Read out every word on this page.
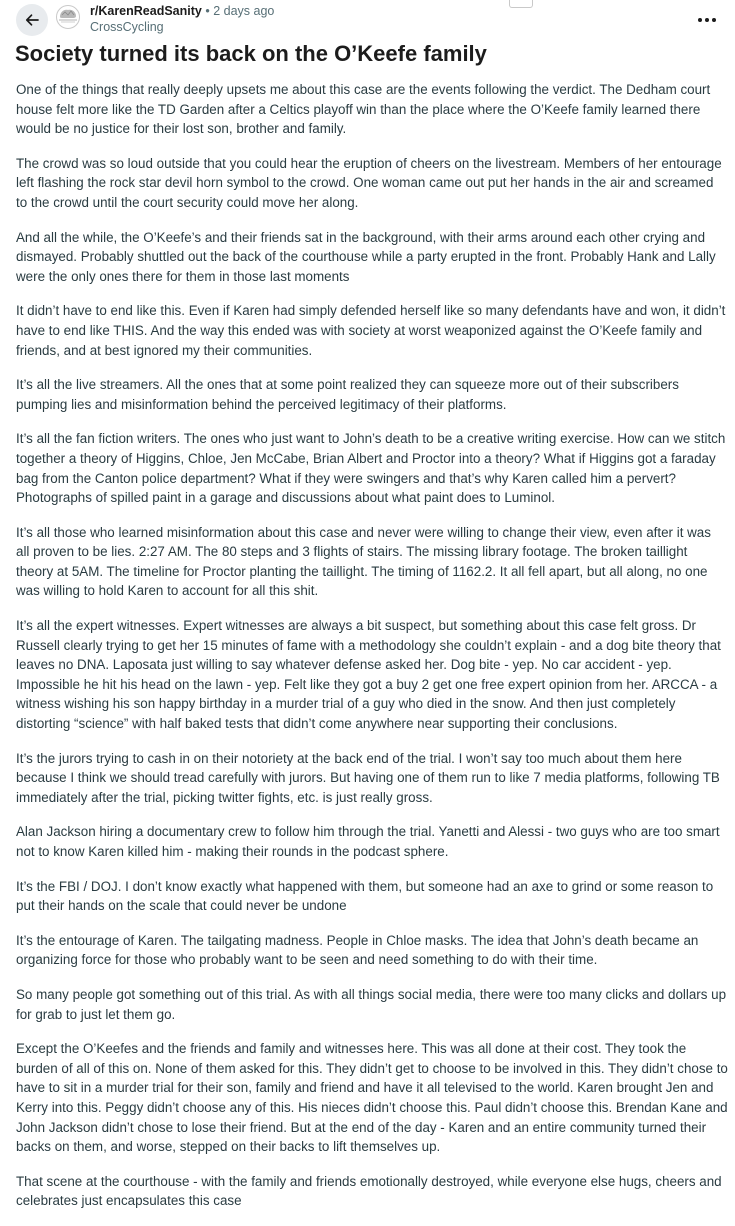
r/KarenReadSanity • 2 days ago
CrossCycling
Society turned its back on the O’Keefe family

One of the things that really deeply upsets me about this case are the events following the verdict. The Dedham court house felt more like the TD Garden after a Celtics playoff win than the place where the O’Keefe family learned there would be no justice for their lost son, brother and family.

The crowd was so loud outside that you could hear the eruption of cheers on the livestream. Members of her entourage left flashing the rock star devil horn symbol to the crowd. One woman came out put her hands in the air and screamed to the crowd until the court security could move her along.

And all the while, the O’Keefe’s and their friends sat in the background, with their arms around each other crying and dismayed. Probably shuttled out the back of the courthouse while a party erupted in the front. Probably Hank and Lally were the only ones there for them in those last moments

It didn’t have to end like this. Even if Karen had simply defended herself like so many defendants have and won, it didn’t have to end like THIS. And the way this ended was with society at worst weaponized against the O’Keefe family and friends, and at best ignored my their communities.

It’s all the live streamers. All the ones that at some point realized they can squeeze more out of their subscribers pumping lies and misinformation behind the perceived legitimacy of their platforms.

It’s all the fan fiction writers. The ones who just want to John’s death to be a creative writing exercise. How can we stitch together a theory of Higgins, Chloe, Jen McCabe, Brian Albert and Proctor into a theory? What if Higgins got a faraday bag from the Canton police department? What if they were swingers and that’s why Karen called him a pervert? Photographs of spilled paint in a garage and discussions about what paint does to Luminol.

It’s all those who learned misinformation about this case and never were willing to change their view, even after it was all proven to be lies. 2:27 AM. The 80 steps and 3 flights of stairs. The missing library footage. The broken taillight theory at 5AM. The timeline for Proctor planting the taillight. The timing of 1162.2. It all fell apart, but all along, no one was willing to hold Karen to account for all this shit.

It’s all the expert witnesses. Expert witnesses are always a bit suspect, but something about this case felt gross. Dr Russell clearly trying to get her 15 minutes of fame with a methodology she couldn’t explain - and a dog bite theory that leaves no DNA. Laposata just willing to say whatever defense asked her. Dog bite - yep. No car accident - yep. Impossible he hit his head on the lawn - yep. Felt like they got a buy 2 get one free expert opinion from her. ARCCA - a witness wishing his son happy birthday in a murder trial of a guy who died in the snow. And then just completely distorting “science” with half baked tests that didn’t come anywhere near supporting their conclusions.

It’s the jurors trying to cash in on their notoriety at the back end of the trial. I won’t say too much about them here because I think we should tread carefully with jurors. But having one of them run to like 7 media platforms, following TB immediately after the trial, picking twitter fights, etc. is just really gross.

Alan Jackson hiring a documentary crew to follow him through the trial. Yanetti and Alessi - two guys who are too smart not to know Karen killed him - making their rounds in the podcast sphere.

It’s the FBI / DOJ. I don’t know exactly what happened with them, but someone had an axe to grind or some reason to put their hands on the scale that could never be undone

It’s the entourage of Karen. The tailgating madness. People in Chloe masks. The idea that John’s death became an organizing force for those who probably want to be seen and need something to do with their time.

So many people got something out of this trial. As with all things social media, there were too many clicks and dollars up for grab to just let them go.

Except the O’Keefes and the friends and family and witnesses here. This was all done at their cost. They took the burden of all of this on. None of them asked for this. They didn’t get to choose to be involved in this. They didn’t chose to have to sit in a murder trial for their son, family and friend and have it all televised to the world. Karen brought Jen and Kerry into this. Peggy didn’t choose any of this. His nieces didn’t choose this. Paul didn’t choose this. Brendan Kane and John Jackson didn’t chose to lose their friend. But at the end of the day - Karen and an entire community turned their backs on them, and worse, stepped on their backs to lift themselves up.

That scene at the courthouse - with the family and friends emotionally destroyed, while everyone else hugs, cheers and celebrates just encapsulates this case
